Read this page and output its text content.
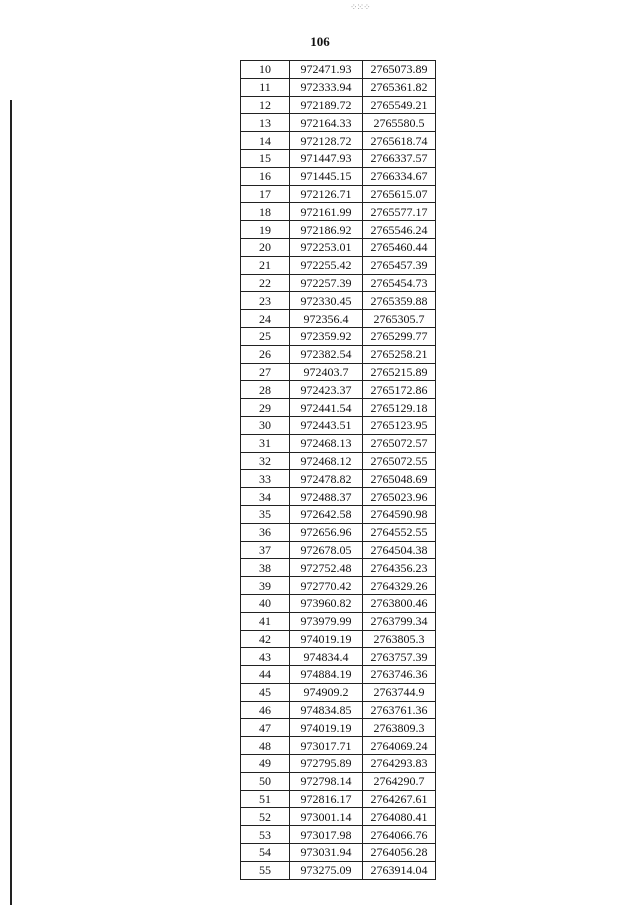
⁘⁙⁘
106
10	972471.93	2765073.89
11	972333.94	2765361.82
12	972189.72	2765549.21
13	972164.33	2765580.5
14	972128.72	2765618.74
15	971447.93	2766337.57
16	971445.15	2766334.67
17	972126.71	2765615.07
18	972161.99	2765577.17
19	972186.92	2765546.24
20	972253.01	2765460.44
21	972255.42	2765457.39
22	972257.39	2765454.73
23	972330.45	2765359.88
24	972356.4	2765305.7
25	972359.92	2765299.77
26	972382.54	2765258.21
27	972403.7	2765215.89
28	972423.37	2765172.86
29	972441.54	2765129.18
30	972443.51	2765123.95
31	972468.13	2765072.57
32	972468.12	2765072.55
33	972478.82	2765048.69
34	972488.37	2765023.96
35	972642.58	2764590.98
36	972656.96	2764552.55
37	972678.05	2764504.38
38	972752.48	2764356.23
39	972770.42	2764329.26
40	973960.82	2763800.46
41	973979.99	2763799.34
42	974019.19	2763805.3
43	974834.4	2763757.39
44	974884.19	2763746.36
45	974909.2	2763744.9
46	974834.85	2763761.36
47	974019.19	2763809.3
48	973017.71	2764069.24
49	972795.89	2764293.83
50	972798.14	2764290.7
51	972816.17	2764267.61
52	973001.14	2764080.41
53	973017.98	2764066.76
54	973031.94	2764056.28
55	973275.09	2763914.04
